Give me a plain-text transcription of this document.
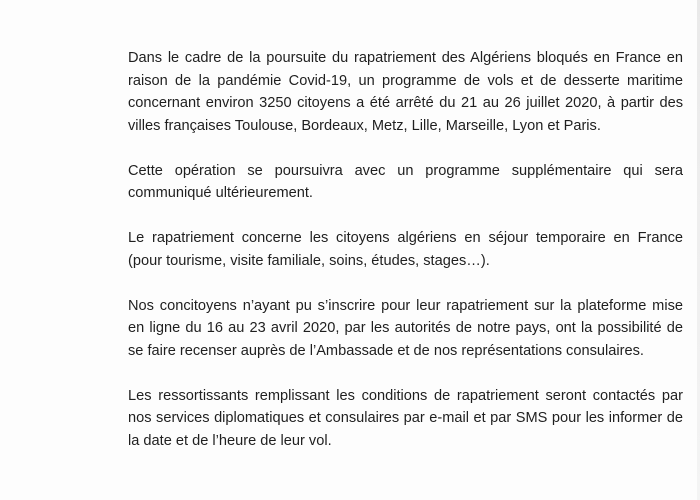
Dans le cadre de la poursuite du rapatriement des Algériens bloqués en France en raison de la pandémie Covid-19, un programme de vols et de desserte maritime concernant environ 3250 citoyens a été arrêté du 21 au 26 juillet 2020, à partir des villes françaises Toulouse, Bordeaux, Metz, Lille, Marseille, Lyon et Paris.

Cette opération se poursuivra avec un programme supplémentaire qui sera communiqué ultérieurement.

Le rapatriement concerne les citoyens algériens en séjour temporaire en France (pour tourisme, visite familiale, soins, études, stages…).

Nos concitoyens n’ayant pu s’inscrire pour leur rapatriement sur la plateforme mise en ligne du 16 au 23 avril 2020, par les autorités de notre pays, ont la possibilité de se faire recenser auprès de l’Ambassade et de nos représentations consulaires.

Les ressortissants remplissant les conditions de rapatriement seront contactés par nos services diplomatiques et consulaires par e-mail et par SMS pour les informer de la date et de l’heure de leur vol.
